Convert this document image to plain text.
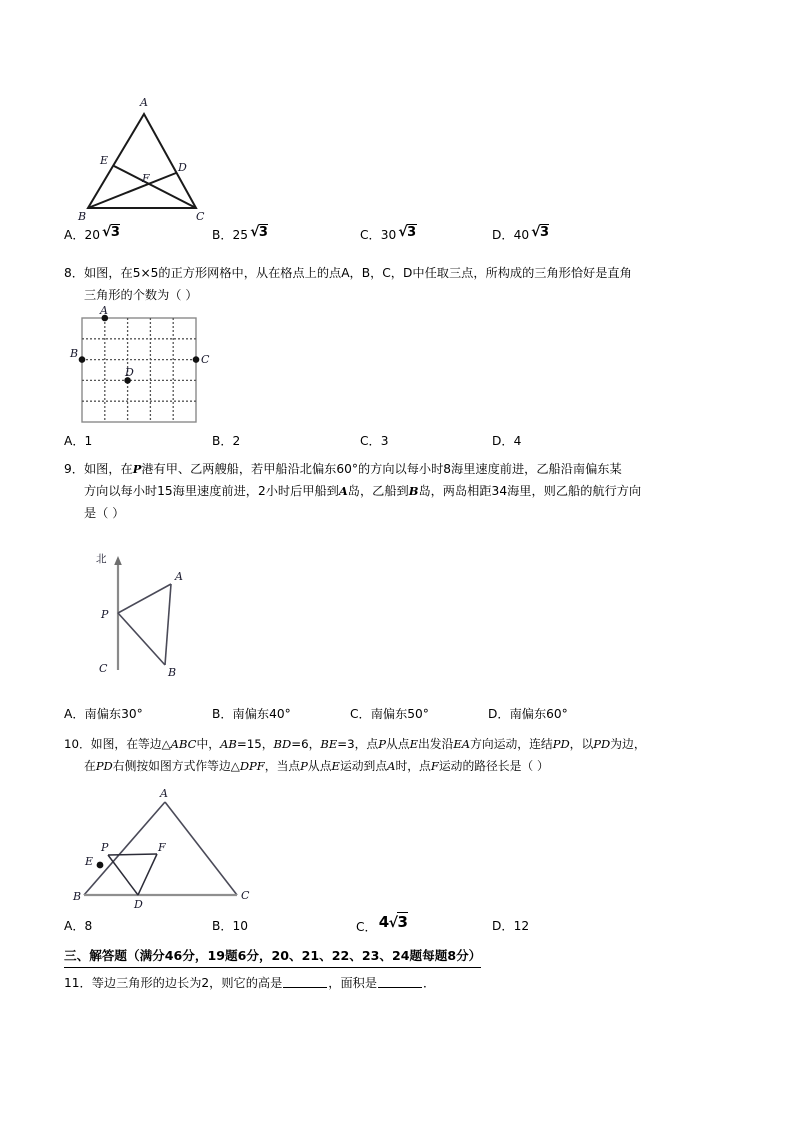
A
B	C
D
E
F
A．20 √3	B．25 √3	C．30 √3	D．40 √3
8．如图，在5×5的正方形网格中，从在格点上的点A，B，C，D中任取三点，所构成的三角形恰好是直角
三角形的个数为（ ）
A
B	C
D
A．1	B．2	C．3	D．4
9．如图，在P港有甲、乙两艘船，若甲船沿北偏东60°的方向以每小时8海里速度前进，乙船沿南偏东某
方向以每小时15海里速度前进，2小时后甲船到A岛，乙船到B岛，两岛相距34海里，则乙船的航行方向
是（ ）
北
P
A
B
C
A．南偏东30°	B．南偏东40°	C．南偏东50°	D．南偏东60°
10．如图，在等边△ABC中，AB=15，BD=6，BE=3，点P从点E出发沿EA方向运动，连结PD，以PD为边，
在PD右侧按如图方式作等边△DPF，当点P从点E运动到点A时，点F运动的路径长是（ ）
A
B	C
D
E
F
P
A．8	B．10	C． 4√3	D．12
三、解答题（满分46分，19题6分，20、21、22、23、24题每题8分）
11．等边三角形的边长为2，则它的高是	，面积是	．
